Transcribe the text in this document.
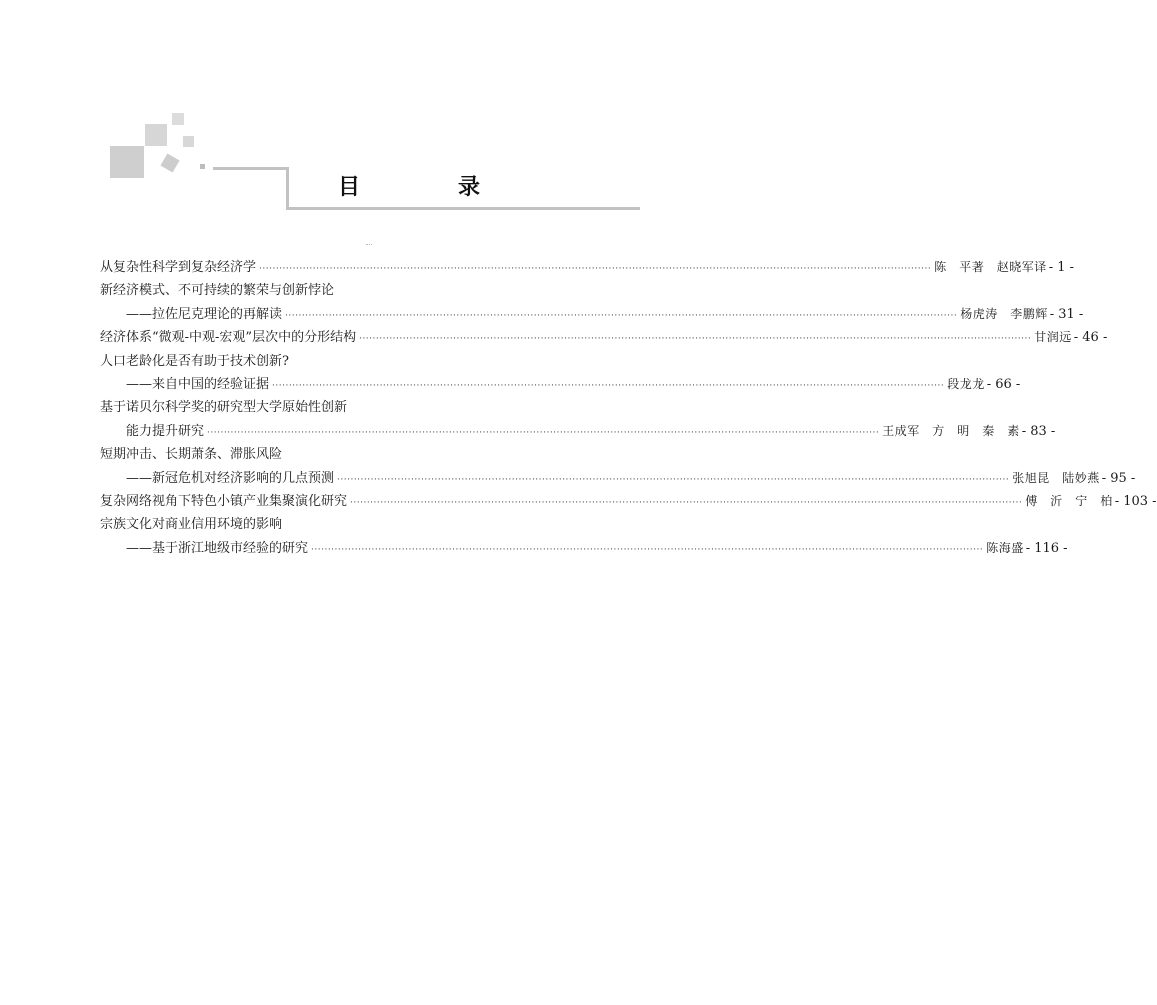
目　录
从复杂性科学到复杂经济学 ········································································································································································································ 陈　平著　赵晓军译 - 1 -
新经济模式、不可持续的繁荣与创新悖论
——拉佐尼克理论的再解读 ········································································································································································································ 杨虎涛　李鹏辉 - 31 -
经济体系“微观-中观-宏观”层次中的分形结构 ········································································································································································································ 甘润远 - 46 -
人口老龄化是否有助于技术创新?
——来自中国的经验证据 ········································································································································································································ 段龙龙 - 66 -
基于诺贝尔科学奖的研究型大学原始性创新
能力提升研究 ········································································································································································································ 王成军　方　明　秦　素 - 83 -
短期冲击、长期萧条、滞胀风险
——新冠危机对经济影响的几点预测 ········································································································································································································ 张旭昆　陆妙燕 - 95 -
复杂网络视角下特色小镇产业集聚演化研究 ········································································································································································································ 傅　沂　宁　柏 - 103 -
宗族文化对商业信用环境的影响
——基于浙江地级市经验的研究 ········································································································································································································ 陈海盛 - 116 -
